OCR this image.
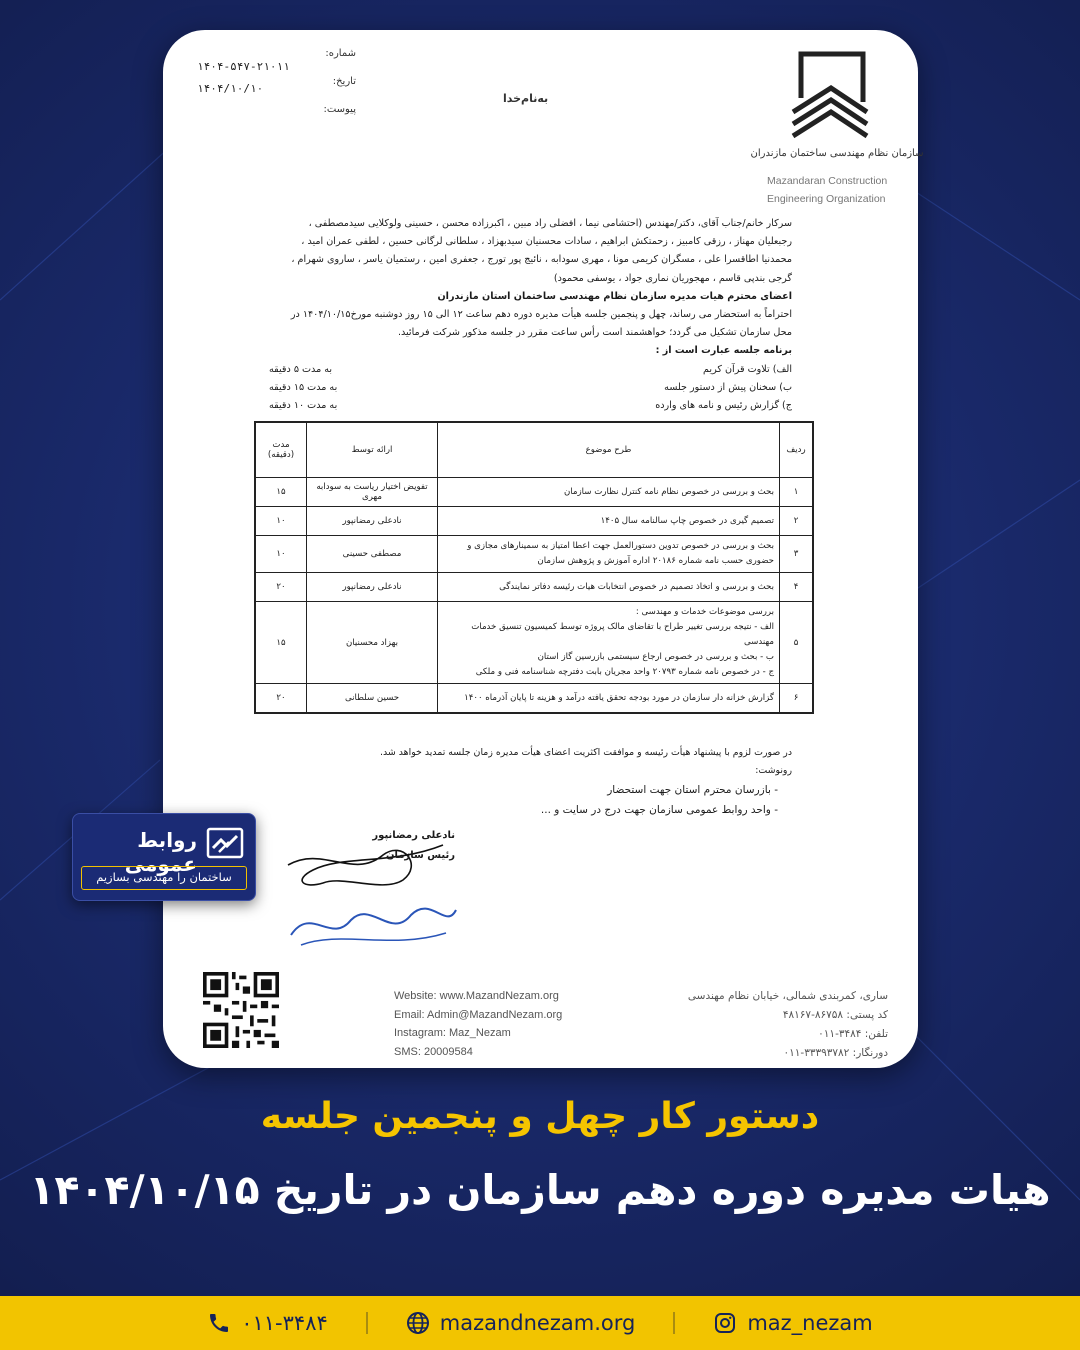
شماره:
تاریخ:
پیوست:
۱۴۰۴-۵۴۷-۲۱۰۱۱
۱۴۰۴/۱۰/۱۰
به‌نام‌خدا
سازمان نظام مهندسی ساختمان مازندران
Mazandaran Construction
Engineering Organization

سرکار خانم/جناب آقای، دکتر/مهندس (احتشامی نیما ، افضلی راد مبین ، اکبرزاده محسن ، حسینی ولوکلایی سیدمصطفی ،

رجبعلیان مهناز ، رزقی کامبیز ، زحمتکش ابراهیم ، سادات محسنیان سیدبهزاد ، سلطانی لرگانی حسین ، لطفی عمران امید ،

محمدنیا اطاقسرا علی ، مسگران کریمی مونا ، مهری سودابه ، نائیج پور تورج ، جعفری امین ، رستمیان یاسر ، ساروی شهرام ،

گرجی بندپی قاسم ، مهجوریان نماری جواد ، یوسفی محمود)

اعضای محترم هیات مدیره سازمان نظام مهندسی ساختمان استان مازندران

احتراماً به استحضار می رساند، چهل و پنجمین جلسه هیأت مدیره دوره دهم ساعت ۱۲ الی ۱۵ روز دوشنبه مورخ۱۴۰۴/۱۰/۱۵ در

محل سازمان تشکیل می گردد؛ خواهشمند است رأس ساعت مقرر در جلسه مذکور شرکت فرمائید.

برنامه جلسه عبارت است از :

الف) تلاوت قرآن کریم
به مدت ۵ دقیقه
ب) سخنان پیش از دستور جلسه
به مدت ۱۵ دقیقه
ج) گزارش رئیس و نامه های وارده
به مدت ۱۰ دقیقه
ردیف	طرح موضوع	ارائه توسط	مدت (دقیقه)
۱	بحث و بررسی در خصوص نظام نامه کنترل نظارت سازمان	تفویض اختیار ریاست به سودابه مهری	۱۵
۲	تصمیم گیری در خصوص چاپ سالنامه سال ۱۴۰۵	نادعلی رمضانپور	۱۰
۳	بحث و بررسی در خصوص تدوین دستورالعمل جهت اعطا امتیاز به سمینارهای مجازی و
حضوری حسب نامه شماره ۲۰۱۸۶ اداره آموزش و پژوهش سازمان	مصطفی حسینی	۱۰
۴	بحث و بررسی و اتخاذ تصمیم در خصوص انتخابات هیات رئیسه دفاتر نمایندگی	نادعلی رمضانپور	۲۰
۵	بررسی موضوعات خدمات و مهندسی :
الف - نتیجه بررسی تغییر طراح با تقاضای مالک پروژه توسط کمیسیون تنسیق خدمات
مهندسی
ب - بحث و بررسی در خصوص ارجاع سیستمی بازرسین گاز استان
ج - در خصوص نامه شماره ۲۰۷۹۳ واحد مجریان بابت دفترچه شناسنامه فنی و ملکی	بهزاد محسنیان	۱۵
۶	گزارش خزانه دار سازمان در مورد بودجه تحقق یافته درآمد و هزینه تا پایان آذرماه ۱۴۰۰	حسین سلطانی	۲۰
در صورت لزوم با پیشنهاد هیأت رئیسه و موافقت اکثریت اعضای هیأت مدیره زمان جلسه تمدید خواهد شد.
رونوشت:
- بازرسان محترم استان جهت استحضار
- واحد روابط عمومی سازمان جهت درج در سایت و ...
نادعلی رمضانپور
رئیس سازمان
Website: www.MazandNezam.org
Email: Admin@MazandNezam.org
Instagram: Maz_Nezam
SMS: 20009584
ساری، کمربندی شمالی، خیابان نظام مهندسی
کد پستی: ۸۶۷۵۸-۴۸۱۶۷
تلفن: ۳۴۸۴-۰۱۱
دورنگار: ۳۳۳۹۳۷۸۲-۰۱۱
روابط عمومی
ساختمان را مهندسی بسازیم
دستور کار چهل و پنجمین جلسه
هیات مدیره دوره دهم سازمان در تاریخ ۱۴۰۴/۱۰/۱۵
۰۱۱-۳۴۸۴	mazandnezam.org	maz_nezam
